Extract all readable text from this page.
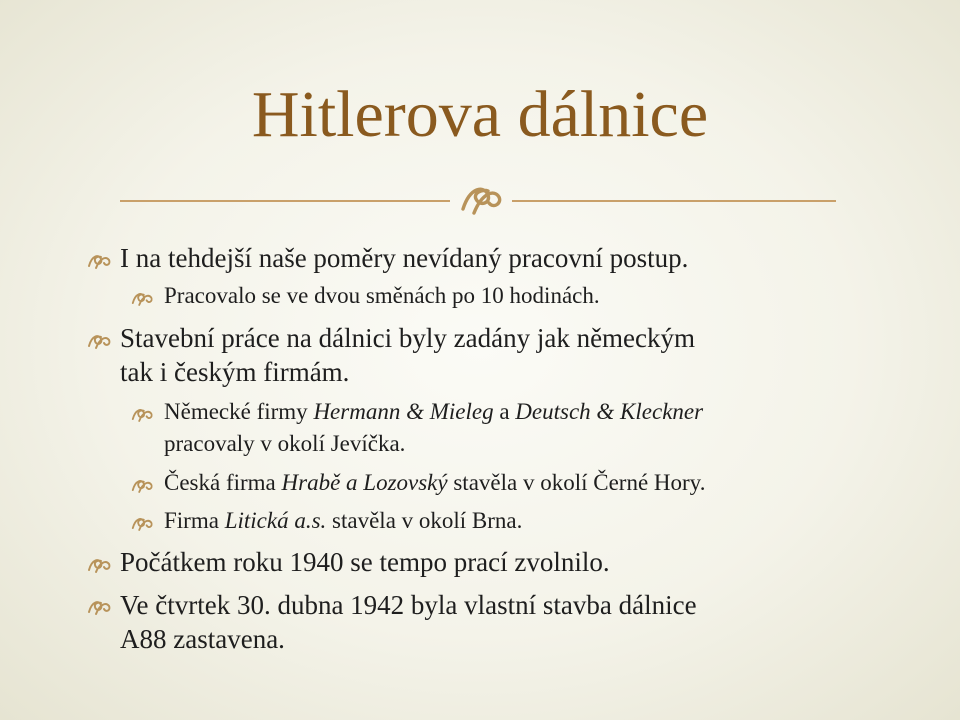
Hitlerova dálnice
I na tehdejší naše poměry nevídaný pracovní postup.
Pracovalo se ve dvou směnách po 10 hodinách.
Stavební práce na dálnici byly zadány jak německým
tak i českým firmám.
Německé firmy Hermann & Mieleg a Deutsch & Kleckner
pracovaly v okolí Jevíčka.
Česká firma Hrabě a Lozovský stavěla v okolí Černé Hory.
Firma Litická a.s. stavěla v okolí Brna.
Počátkem roku 1940 se tempo prací zvolnilo.
Ve čtvrtek 30. dubna 1942 byla vlastní stavba dálnice
A88 zastavena.
